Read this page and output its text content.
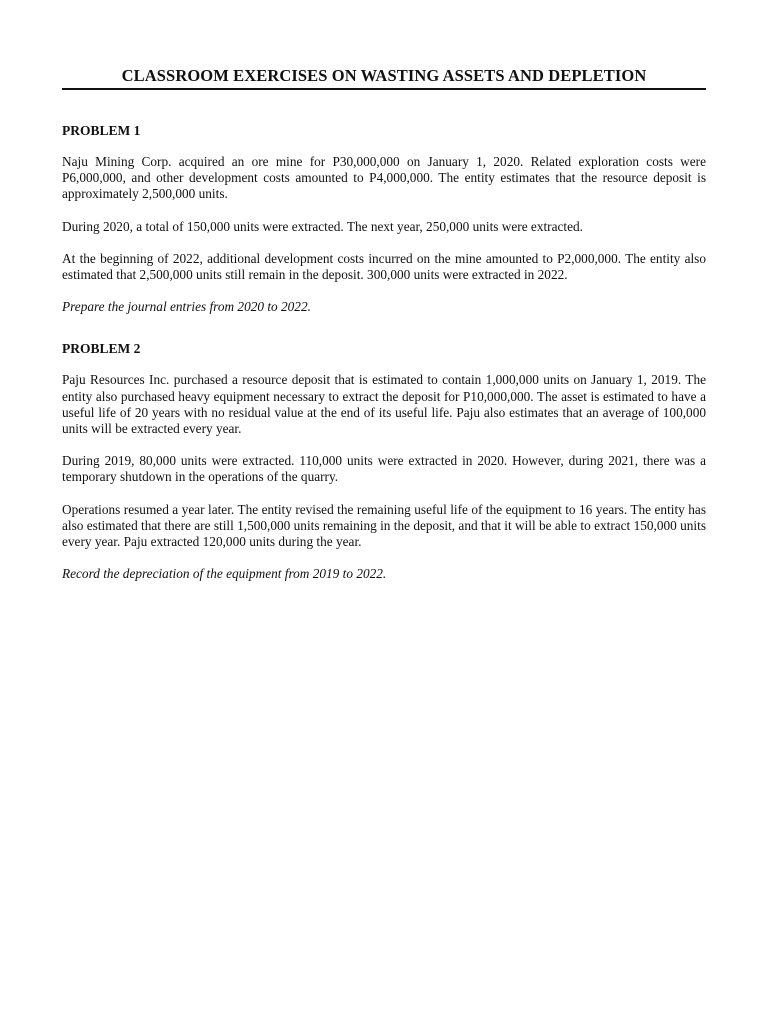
CLASSROOM EXERCISES ON WASTING ASSETS AND DEPLETION

PROBLEM 1

Naju Mining Corp. acquired an ore mine for P30,000,000 on January 1, 2020. Related exploration costs were P6,000,000, and other development costs amounted to P4,000,000. The entity estimates that the resource deposit is approximately 2,500,000 units.

During 2020, a total of 150,000 units were extracted. The next year, 250,000 units were extracted.

At the beginning of 2022, additional development costs incurred on the mine amounted to P2,000,000. The entity also estimated that 2,500,000 units still remain in the deposit. 300,000 units were extracted in 2022.

Prepare the journal entries from 2020 to 2022.

PROBLEM 2

Paju Resources Inc. purchased a resource deposit that is estimated to contain 1,000,000 units on January 1, 2019. The entity also purchased heavy equipment necessary to extract the deposit for P10,000,000. The asset is estimated to have a useful life of 20 years with no residual value at the end of its useful life. Paju also estimates that an average of 100,000 units will be extracted every year.

During 2019, 80,000 units were extracted. 110,000 units were extracted in 2020. However, during 2021, there was a temporary shutdown in the operations of the quarry.

Operations resumed a year later. The entity revised the remaining useful life of the equipment to 16 years. The entity has also estimated that there are still 1,500,000 units remaining in the deposit, and that it will be able to extract 150,000 units every year. Paju extracted 120,000 units during the year.

Record the depreciation of the equipment from 2019 to 2022.
